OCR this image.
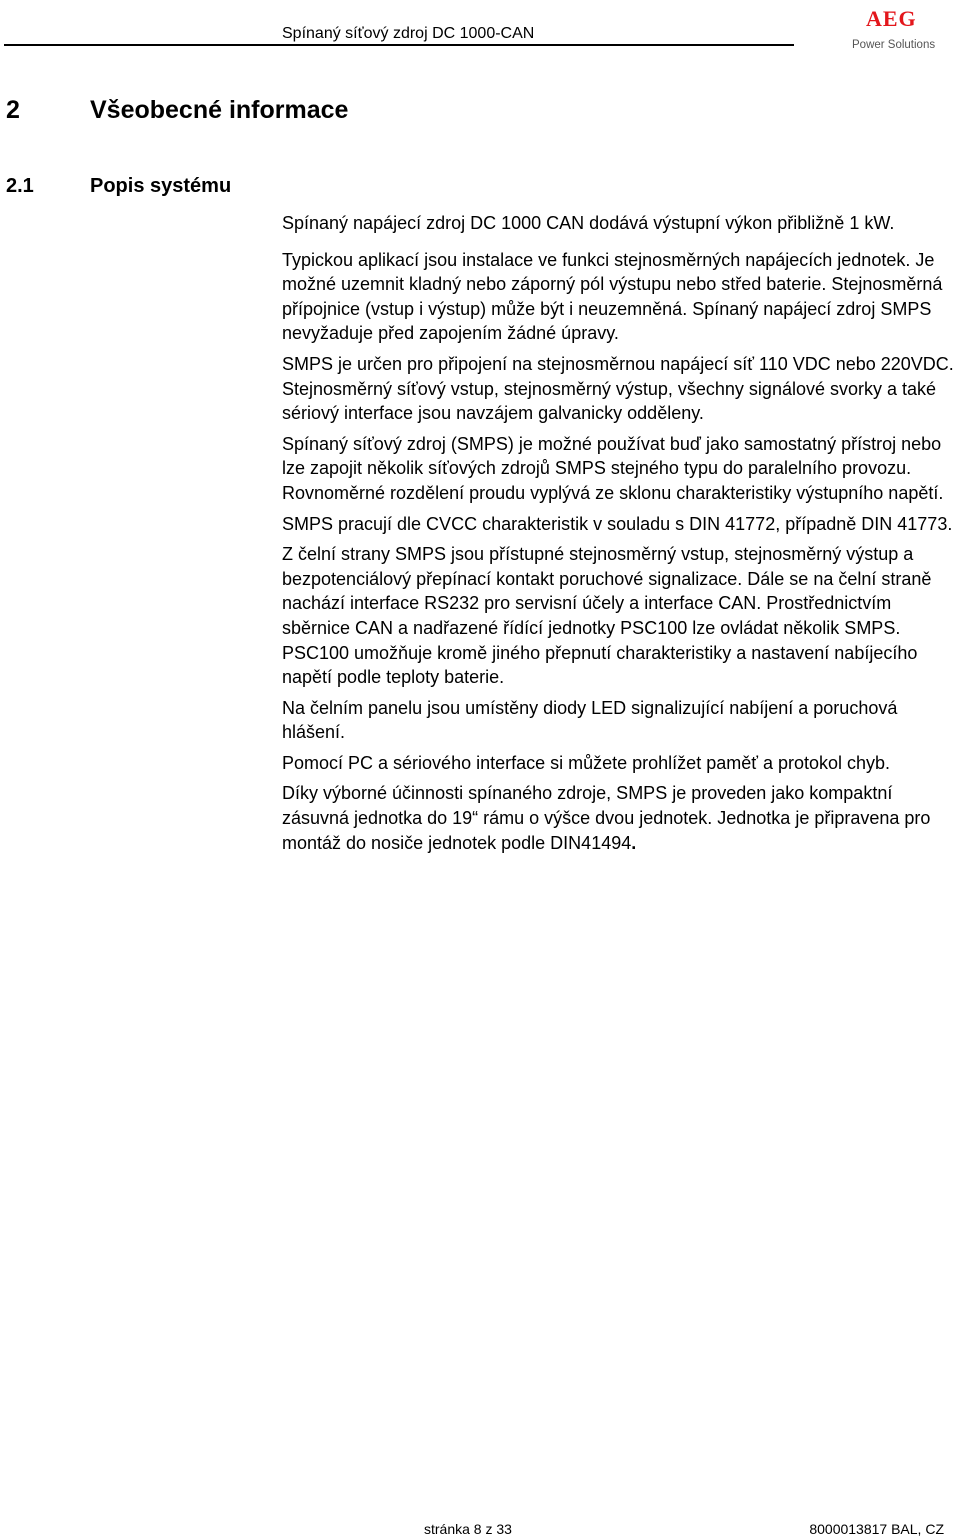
Spínaný síťový zdroj DC 1000-CAN
AEG
Power Solutions
2	Všeobecné informace
2.1	Popis systému

Spínaný napájecí zdroj DC 1000 CAN dodává výstupní výkon přibližně 1 kW.

Typickou aplikací jsou instalace ve funkci stejnosměrných napájecích jednotek. Je možné uzemnit kladný nebo záporný pól výstupu nebo střed baterie. Stejnosměrná přípojnice (vstup i výstup) může být i neuzemněná. Spínaný napájecí zdroj SMPS nevyžaduje před zapojením žádné úpravy.

SMPS je určen pro připojení na stejnosměrnou napájecí síť 110 VDC nebo 220VDC. Stejnosměrný síťový vstup, stejnosměrný výstup, všechny signálové svorky a také sériový interface jsou navzájem galvanicky odděleny.

Spínaný síťový zdroj (SMPS) je možné používat buď jako samostatný přístroj nebo lze zapojit několik síťových zdrojů SMPS stejného typu do paralelního provozu. Rovnoměrné rozdělení proudu vyplývá ze sklonu charakteristiky výstupního napětí.

SMPS pracují dle CVCC charakteristik v souladu s DIN 41772, případně DIN 41773.

Z čelní strany SMPS jsou přístupné stejnosměrný vstup, stejnosměrný výstup a bezpotenciálový přepínací kontakt poruchové signalizace. Dále se na čelní straně nachází interface RS232 pro servisní účely a interface CAN. Prostřednictvím sběrnice CAN a nadřazené řídící jednotky PSC100 lze ovládat několik SMPS. PSC100 umožňuje kromě jiného přepnutí charakteristiky a nastavení nabíjecího napětí podle teploty baterie.

Na čelním panelu jsou umístěny diody LED signalizující nabíjení a poruchová hlášení.

Pomocí PC a sériového interface si můžete prohlížet paměť a protokol chyb.

Díky výborné účinnosti spínaného zdroje, SMPS je proveden jako kompaktní zásuvná jednotka do 19“ rámu o výšce dvou jednotek. Jednotka je připravena pro montáž do nosiče jednotek podle DIN41494.

stránka 8 z 33	8000013817 BAL, CZ
